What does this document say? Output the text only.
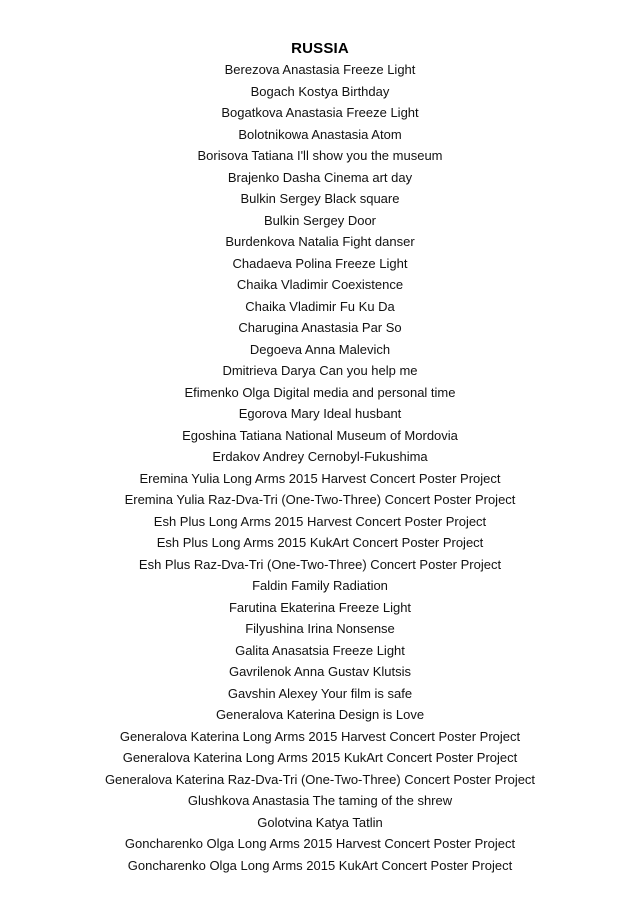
RUSSIA
Berezova Anastasia Freeze Light
Bogach Kostya Birthday
Bogatkova Anastasia Freeze Light
Bolotnikowa Anastasia Atom
Borisova Tatiana I'll show you the museum
Brajenko Dasha Cinema art day
Bulkin Sergey Black square
Bulkin Sergey Door
Burdenkova Natalia Fight danser
Chadaeva Polina Freeze Light
Chaika Vladimir Coexistence
Chaika Vladimir Fu Ku Da
Charugina Anastasia Par So
Degoeva Anna Malevich
Dmitrieva Darya Can you help me
Efimenko Olga Digital media and personal time
Egorova Mary Ideal husbant
Egoshina Tatiana National Museum of Mordovia
Erdakov Andrey Cernobyl-Fukushima
Eremina Yulia Long Arms 2015 Harvest Concert Poster Project
Eremina Yulia Raz-Dva-Tri (One-Two-Three) Concert Poster Project
Esh Plus Long Arms 2015 Harvest Concert Poster Project
Esh Plus Long Arms 2015 KukArt Concert Poster Project
Esh Plus Raz-Dva-Tri (One-Two-Three) Concert Poster Project
Faldin Family Radiation
Farutina Ekaterina Freeze Light
Filyushina Irina Nonsense
Galita Anasatsia Freeze Light
Gavrilenok Anna Gustav Klutsis
Gavshin Alexey Your film is safe
Generalova Katerina Design is Love
Generalova Katerina Long Arms 2015 Harvest Concert Poster Project
Generalova Katerina Long Arms 2015 KukArt Concert Poster Project
Generalova Katerina Raz-Dva-Tri (One-Two-Three) Concert Poster Project
Glushkova Anastasia The taming of the shrew
Golotvina Katya Tatlin
Goncharenko Olga Long Arms 2015 Harvest Concert Poster Project
Goncharenko Olga Long Arms 2015 KukArt Concert Poster Project
